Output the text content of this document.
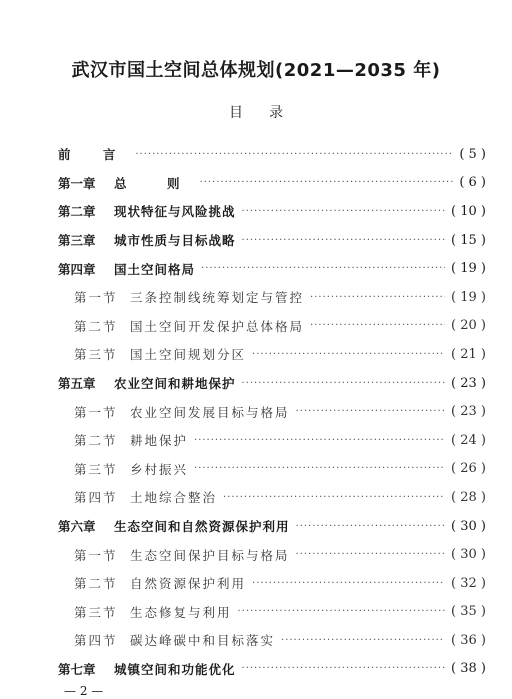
武汉市国土空间总体规划(2021—2035 年)
目录
前 言 ·····	( 5 )
第一章	总　则 ·····	( 6 )
第二章	现状特征与风险挑战 ·····	( 10 )
第三章	城市性质与目标战略 ·····	( 15 )
第四章	国土空间格局 ·····	( 19 )
第一节 三条控制线统筹划定与管控 ·····	( 19 )
第二节 国土空间开发保护总体格局 ·····	( 20 )
第三节 国土空间规划分区 ·····	( 21 )
第五章	农业空间和耕地保护 ·····	( 23 )
第一节 农业空间发展目标与格局 ·····	( 23 )
第二节 耕地保护 ·····	( 24 )
第三节 乡村振兴 ·····	( 26 )
第四节 土地综合整治 ·····	( 28 )
第六章	生态空间和自然资源保护利用 ·····	( 30 )
第一节 生态空间保护目标与格局 ·····	( 30 )
第二节 自然资源保护利用 ·····	( 32 )
第三节 生态修复与利用 ·····	( 35 )
第四节 碳达峰碳中和目标落实 ·····	( 36 )
第七章	城镇空间和功能优化 ·····	( 38 )
— 2 —
